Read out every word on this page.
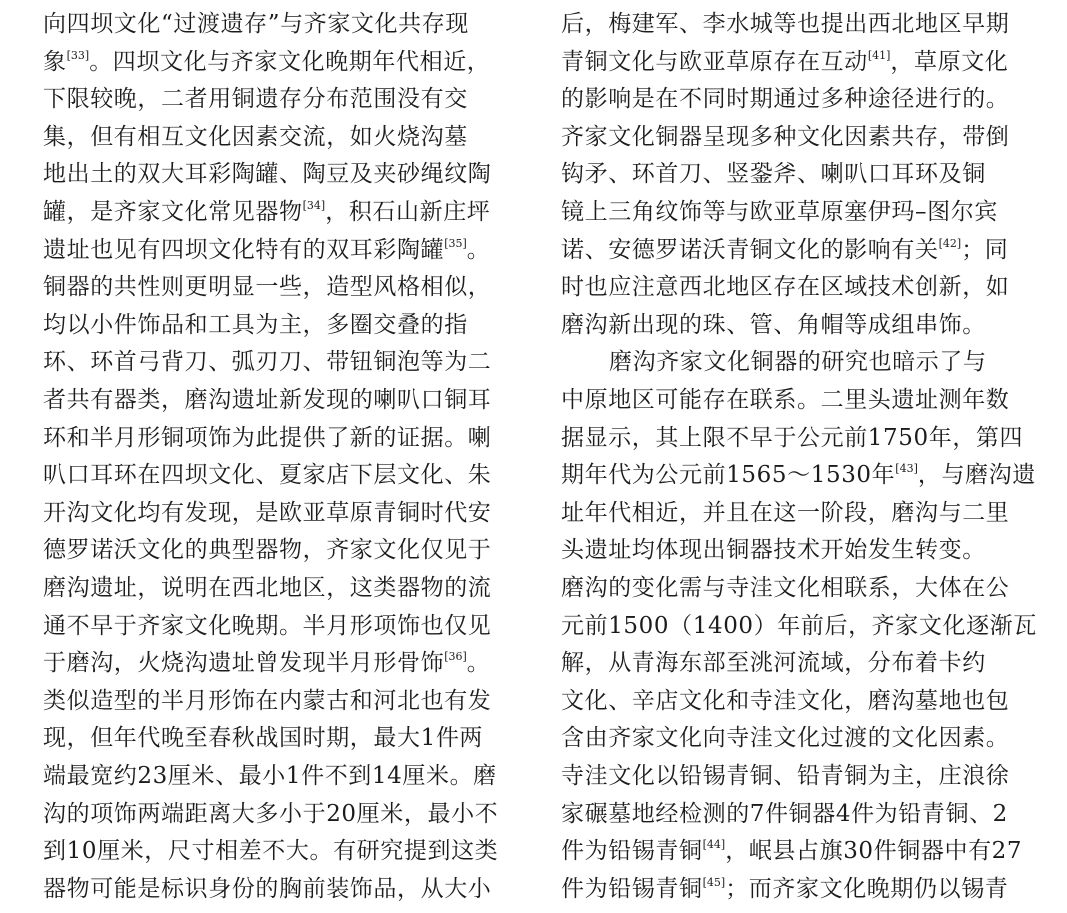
向四坝文化“过渡遗存”与齐家文化共存现
象[33]。四坝文化与齐家文化晚期年代相近，
下限较晚，二者用铜遗存分布范围没有交
集，但有相互文化因素交流，如火烧沟墓
地出土的双大耳彩陶罐、陶豆及夹砂绳纹陶
罐，是齐家文化常见器物[34]，积石山新庄坪
遗址也见有四坝文化特有的双耳彩陶罐[35]。
铜器的共性则更明显一些，造型风格相似，
均以小件饰品和工具为主，多圈交叠的指
环、环首弓背刀、弧刃刀、带钮铜泡等为二
者共有器类，磨沟遗址新发现的喇叭口铜耳
环和半月形铜项饰为此提供了新的证据。喇
叭口耳环在四坝文化、夏家店下层文化、朱
开沟文化均有发现，是欧亚草原青铜时代安
德罗诺沃文化的典型器物，齐家文化仅见于
磨沟遗址，说明在西北地区，这类器物的流
通不早于齐家文化晚期。半月形项饰也仅见
于磨沟，火烧沟遗址曾发现半月形骨饰[36]。
类似造型的半月形饰在内蒙古和河北也有发
现，但年代晚至春秋战国时期，最大1件两
端最宽约23厘米、最小1件不到14厘米。磨
沟的项饰两端距离大多小于20厘米，最小不
到10厘米，尺寸相差不大。有研究提到这类
器物可能是标识身份的胸前装饰品，从大小
后，梅建军、李水城等也提出西北地区早期
青铜文化与欧亚草原存在互动[41]，草原文化
的影响是在不同时期通过多种途径进行的。
齐家文化铜器呈现多种文化因素共存，带倒
钩矛、环首刀、竖銎斧、喇叭口耳环及铜
镜上三角纹饰等与欧亚草原塞伊玛–图尔宾
诺、安德罗诺沃青铜文化的影响有关[42]；同
时也应注意西北地区存在区域技术创新，如
磨沟新出现的珠、管、角帽等成组串饰。
磨沟齐家文化铜器的研究也暗示了与
中原地区可能存在联系。二里头遗址测年数
据显示，其上限不早于公元前1750年，第四
期年代为公元前1565～1530年[43]，与磨沟遗
址年代相近，并且在这一阶段，磨沟与二里
头遗址均体现出铜器技术开始发生转变。
磨沟的变化需与寺洼文化相联系，大体在公
元前1500（1400）年前后，齐家文化逐渐瓦
解，从青海东部至洮河流域，分布着卡约
文化、辛店文化和寺洼文化，磨沟墓地也包
含由齐家文化向寺洼文化过渡的文化因素。
寺洼文化以铅锡青铜、铅青铜为主，庄浪徐
家碾墓地经检测的7件铜器4件为铅青铜、2
件为铅锡青铜[44]，岷县占旗30件铜器中有27
件为铅锡青铜[45]；而齐家文化晚期仍以锡青
